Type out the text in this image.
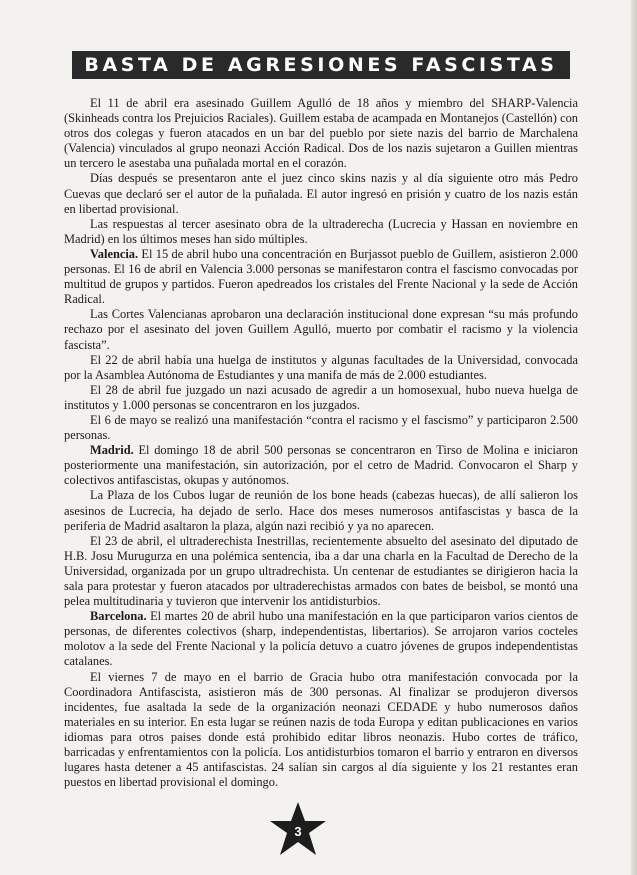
BASTA DE AGRESIONES FASCISTAS

El 11 de abril era asesinado Guillem Agulló de 18 años y miembro del SHARP-Valencia (Skinheads contra los Prejuicios Raciales). Guillem estaba de acampada en Montanejos (Castellón) con otros dos colegas y fueron atacados en un bar del pueblo por siete nazis del barrio de Marchalena (Valencia) vinculados al grupo neonazi Acción Radical. Dos de los nazis sujetaron a Guillen mientras un tercero le asestaba una puñalada mortal en el corazón.

Días después se presentaron ante el juez cinco skins nazis y al día siguiente otro más Pedro Cuevas que declaró ser el autor de la puñalada. El autor ingresó en prisión y cuatro de los nazis están en libertad provisional.

Las respuestas al tercer asesinato obra de la ultraderecha (Lucrecia y Hassan en noviembre en Madrid) en los últimos meses han sido múltiples.

Valencia. El 15 de abril hubo una concentración en Burjassot pueblo de Guillem, asistieron 2.000 personas. El 16 de abril en Valencia 3.000 personas se manifestaron contra el fascismo convocadas por multitud de grupos y partidos. Fueron apedreados los cristales del Frente Nacional y la sede de Acción Radical.

Las Cortes Valencianas aprobaron una declaración institucional done expresan “su más profundo rechazo por el asesinato del joven Guillem Agulló, muerto por combatir el racismo y la violencia fascista”.

El 22 de abril había una huelga de institutos y algunas facultades de la Universidad, convocada por la Asamblea Autónoma de Estudiantes y una manifa de más de 2.000 estudiantes.

El 28 de abril fue juzgado un nazi acusado de agredir a un homosexual, hubo nueva huelga de institutos y 1.000 personas se concentraron en los juzgados.

El 6 de mayo se realizó una manifestación “contra el racismo y el fascismo” y participaron 2.500 personas.

Madrid. El domingo 18 de abril 500 personas se concentraron en Tirso de Molina e iniciaron posteriormente una manifestación, sin autorización, por el cetro de Madrid. Convocaron el Sharp y colectivos antifascistas, okupas y autónomos.

La Plaza de los Cubos lugar de reunión de los bone heads (cabezas huecas), de allí salieron los asesinos de Lucrecia, ha dejado de serlo. Hace dos meses numerosos antifascistas y basca de la periferia de Madrid asaltaron la plaza, algún nazi recibió y ya no aparecen.

El 23 de abril, el ultraderechista Inestrillas, recientemente absuelto del asesinato del diputado de H.B. Josu Murugurza en una polémica sentencia, iba a dar una charla en la Facultad de Derecho de la Universidad, organizada por un grupo ultradrechista. Un centenar de estudiantes se dirigieron hacia la sala para protestar y fueron atacados por ultraderechistas armados con bates de beisbol, se montó una pelea multitudinaria y tuvieron que intervenir los antidisturbios.

Barcelona. El martes 20 de abril hubo una manifestación en la que participaron varios cientos de personas, de diferentes colectivos (sharp, independentistas, libertarios). Se arrojaron varios cocteles molotov a la sede del Frente Nacional y la policía detuvo a cuatro jóvenes de grupos independentistas catalanes.

El viernes 7 de mayo en el barrio de Gracia hubo otra manifestación convocada por la Coordinadora Antifascista, asistieron más de 300 personas. Al finalizar se produjeron diversos incidentes, fue asaltada la sede de la organización neonazi CEDADE y hubo numerosos daños materiales en su interior. En esta lugar se reúnen nazis de toda Europa y editan publicaciones en varios idiomas para otros paises donde está prohibido editar libros neonazis. Hubo cortes de tráfico, barricadas y enfrentamientos con la policía. Los antidisturbios tomaron el barrio y entraron en diversos lugares hasta detener a 45 antifascistas. 24 salían sin cargos al día siguiente y los 21 restantes eran puestos en libertad provisional el domingo.

3
